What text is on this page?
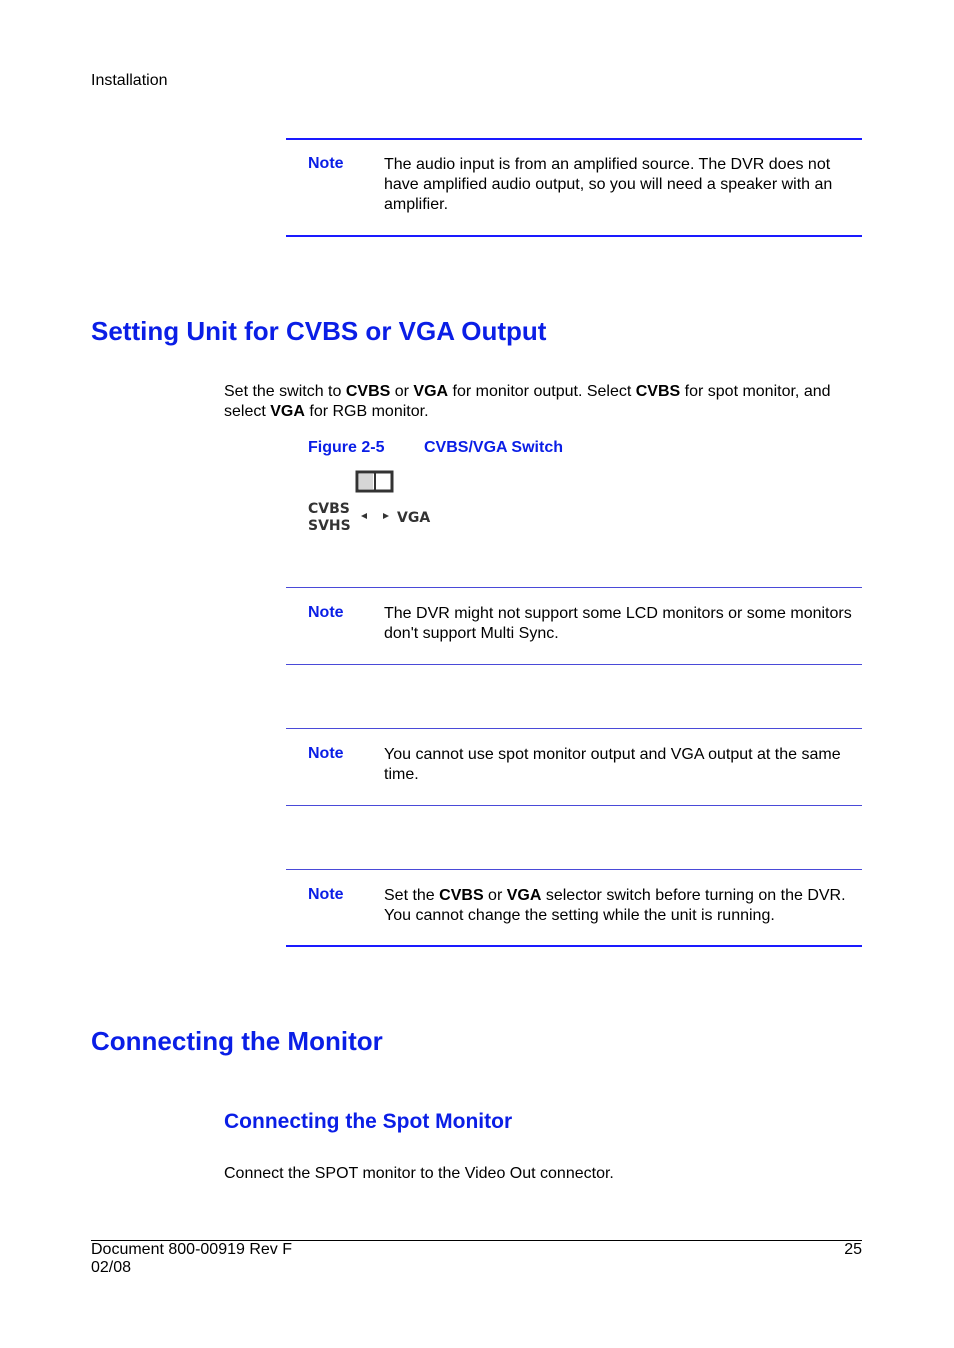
Installation
Note	The audio input is from an amplified source. The DVR does not have amplified audio output, so you will need a speaker with an amplifier.
Setting Unit for CVBS or VGA Output
Set the switch to CVBS or VGA for monitor output. Select CVBS for spot monitor, and select VGA for RGB monitor.
Figure 2-5 CVBS/VGA Switch
CVBS
SVHS	VGA
Note	The DVR might not support some LCD monitors or some monitors don't support Multi Sync.
Note	You cannot use spot monitor output and VGA output at the same time.
Note	Set the CVBS or VGA selector switch before turning on the DVR. You cannot change the setting while the unit is running.
Connecting the Monitor
Connecting the Spot Monitor
Connect the SPOT monitor to the Video Out connector.
Document 800-00919 Rev F
02/08
25
